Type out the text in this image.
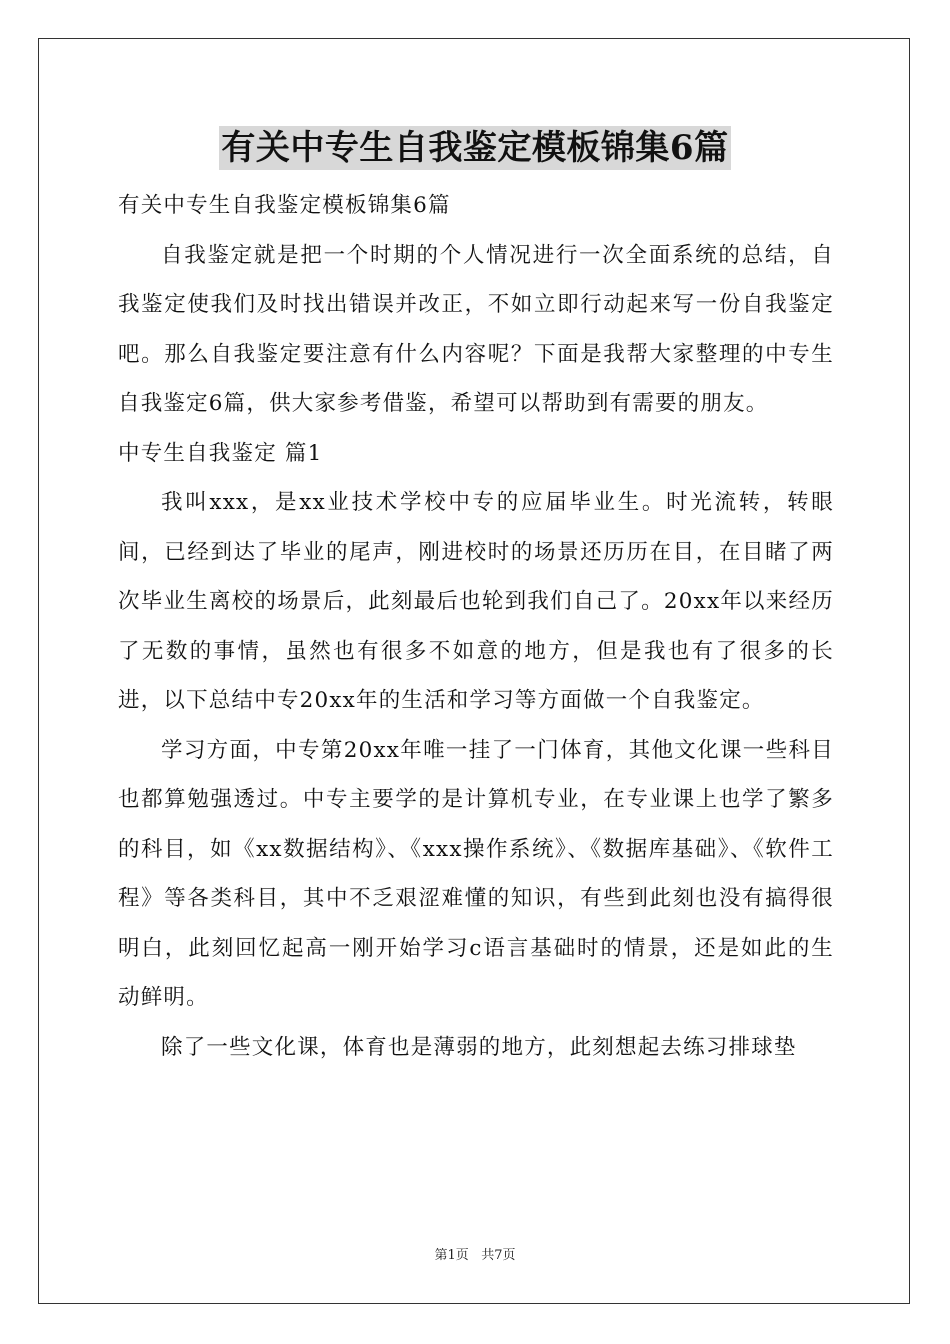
有关中专生自我鉴定模板锦集6篇

有关中专生自我鉴定模板锦集6篇

自我鉴定就是把一个时期的个人情况进行一次全面系统的总结，自我鉴定使我们及时找出错误并改正，不如立即行动起来写一份自我鉴定吧。那么自我鉴定要注意有什么内容呢？下面是我帮大家整理的中专生自我鉴定6篇，供大家参考借鉴，希望可以帮助到有需要的朋友。

中专生自我鉴定 篇1

我叫xxx，是xx业技术学校中专的应届毕业生。时光流转，转眼间，已经到达了毕业的尾声，刚进校时的场景还历历在目，在目睹了两次毕业生离校的场景后，此刻最后也轮到我们自己了。20xx年以来经历了无数的事情，虽然也有很多不如意的地方，但是我也有了很多的长进，以下总结中专20xx年的生活和学习等方面做一个自我鉴定。

学习方面，中专第20xx年唯一挂了一门体育，其他文化课一些科目也都算勉强透过。中专主要学的是计算机专业，在专业课上也学了繁多的科目，如《xx数据结构》、《xxx操作系统》、《数据库基础》、《软件工程》等各类科目，其中不乏艰涩难懂的知识，有些到此刻也没有搞得很明白，此刻回忆起高一刚开始学习c语言基础时的情景，还是如此的生动鲜明。

除了一些文化课，体育也是薄弱的地方，此刻想起去练习排球垫

第1页 共7页
